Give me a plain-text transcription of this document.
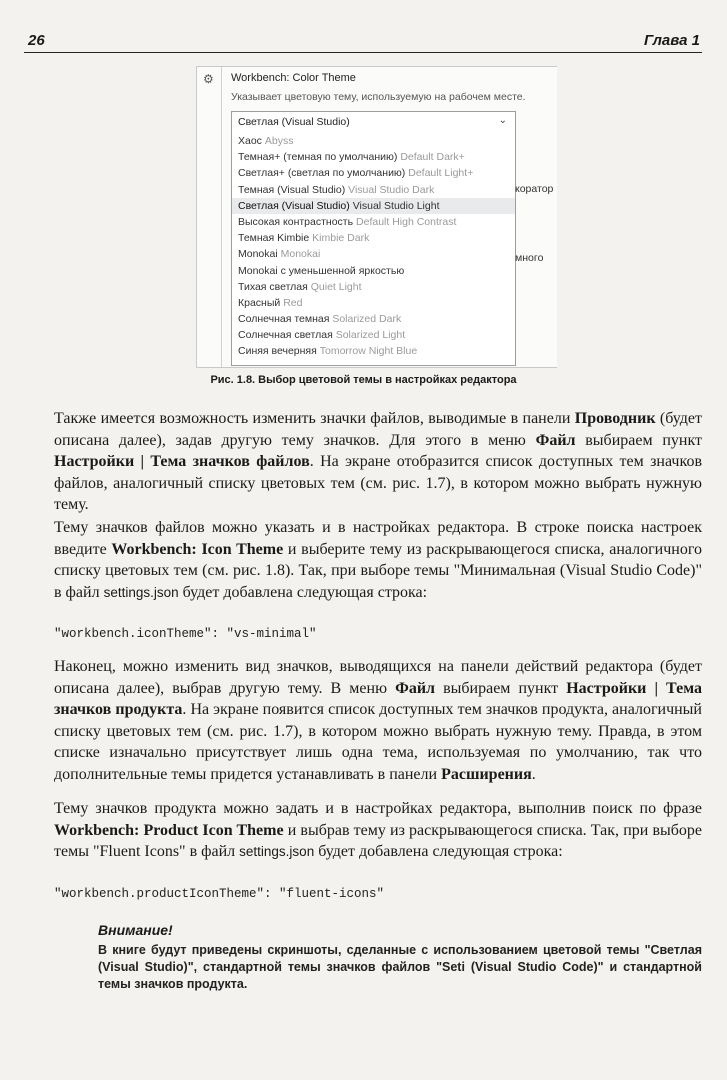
26	Глава 1
⚙ Workbench: Color Theme
Указывает цветовую тему, используемую на рабочем месте.
Светлая (Visual Studio)	⌄
Хаос Abyss
Темная+ (темная по умолчанию) Default Dark+
Светлая+ (светлая по умолчанию) Default Light+
Темная (Visual Studio) Visual Studio Dark
Светлая (Visual Studio) Visual Studio Light
Высокая контрастность Default High Contrast
Темная Kimbie Kimbie Dark
Monokai Monokai
Monokai с уменьшенной яркостью
Тихая светлая Quiet Light
Красный Red
Солнечная темная Solarized Dark
Солнечная светлая Solarized Light
Синяя вечерняя Tomorrow Night Blue
коратор
многo
Рис. 1.8. Выбор цветовой темы в настройках редактора

Также имеется возможность изменить значки файлов, выводимые в панели Проводник (будет описана далее), задав другую тему значков. Для этого в меню Файл выбираем пункт Настройки | Тема значков файлов. На экране отобразится список доступных тем значков файлов, аналогичный списку цветовых тем (см. рис. 1.7), в котором можно выбрать нужную тему.

Тему значков файлов можно указать и в настройках редактора. В строке поиска настроек введите Workbench: Icon Theme и выберите тему из раскрывающегося списка, аналогичного списку цветовых тем (см. рис. 1.8). Так, при выборе темы "Минимальная (Visual Studio Code)" в файл settings.json будет добавлена следующая строка:

"workbench.iconTheme": "vs-minimal"

Наконец, можно изменить вид значков, выводящихся на панели действий редактора (будет описана далее), выбрав другую тему. В меню Файл выбираем пункт Настройки | Тема значков продукта. На экране появится список доступных тем значков продукта, аналогичный списку цветовых тем (см. рис. 1.7), в котором можно выбрать нужную тему. Правда, в этом списке изначально присутствует лишь одна тема, используемая по умолчанию, так что дополнительные темы придется устанавливать в панели Расширения.

Тему значков продукта можно задать и в настройках редактора, выполнив поиск по фразе Workbench: Product Icon Theme и выбрав тему из раскрывающегося списка. Так, при выборе темы "Fluent Icons" в файл settings.json будет добавлена следующая строка:

"workbench.productIconTheme": "fluent-icons"
Внимание!
В книге будут приведены скриншоты, сделанные с использованием цветовой темы "Светлая (Visual Studio)", стандартной темы значков файлов "Seti (Visual Studio Code)" и стандартной темы значков продукта.
